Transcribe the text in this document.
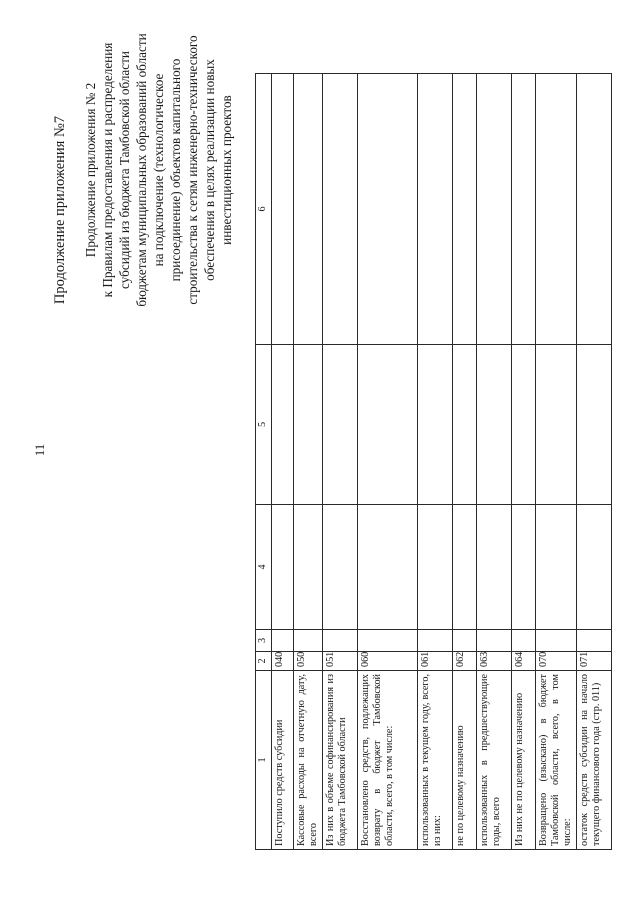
11
Продолжение приложения №7 Продолжение приложения № 2 к Правилам предоставления и распределения субсидий из бюджета Тамбовской области бюджетам муниципальных образований области на подключение (технологическое присоединение) объектов капитального строительства к сетям инженерно-технического обеспечения в целях реализации новых инвестиционных проектов
1	2	3	4	5	6
Поступило средств субсидии	040				
Кассовые расходы на отчетную дату, всего	050				
Из них в объеме софинансирования из бюджета Тамбовской области	051				
Восстановлено средств, подлежащих возврату в бюджет Тамбовской области, всего, в том числе:	060				
использованных в текущем году, всего, из них:	061				
не по целевому назначению	062				
использованных в предшествующие годы, всего	063				
Из них не по целевому назначению	064				
Возвращено (взыскано) в бюджет Тамбовской области, всего, в том числе:	070				
остаток средств субсидии на начало текущего финансового года (стр. 011)	071				
